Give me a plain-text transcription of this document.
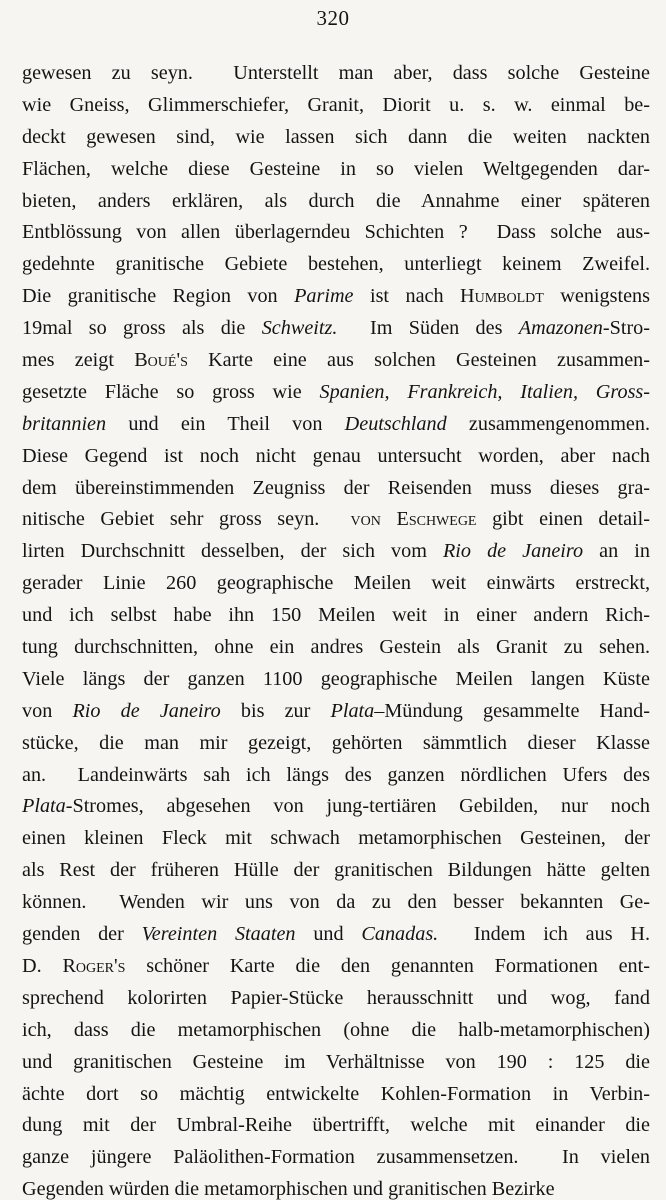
320
gewesen zu seyn.  Unterstellt man aber, dass solche Gesteine
wie Gneiss, Glimmerschiefer, Granit, Diorit u. s. w. einmal be-
deckt gewesen sind, wie lassen sich dann die weiten nackten
Flächen, welche diese Gesteine in so vielen Weltgegenden dar-
bieten, anders erklären, als durch die Annahme einer späteren
Entblössung von allen überlagerndeu Schichten ?  Dass solche aus-
gedehnte granitische Gebiete bestehen, unterliegt keinem Zweifel.
Die granitische Region von Parime ist nach Humboldt wenigstens
19mal so gross als die Schweitz.  Im Süden des Amazonen-Stro-
mes zeigt Boué's Karte eine aus solchen Gesteinen zusammen-
gesetzte Fläche so gross wie Spanien, Frankreich, Italien, Gross-
britannien und ein Theil von Deutschland zusammengenommen.
Diese Gegend ist noch nicht genau untersucht worden, aber nach
dem übereinstimmenden Zeugniss der Reisenden muss dieses gra-
nitische Gebiet sehr gross seyn.  von Eschwege gibt einen detail-
lirten Durchschnitt desselben, der sich vom Rio de Janeiro an in
gerader Linie 260 geographische Meilen weit einwärts erstreckt,
und ich selbst habe ihn 150 Meilen weit in einer andern Rich-
tung durchschnitten, ohne ein andres Gestein als Granit zu sehen.
Viele längs der ganzen 1100 geographische Meilen langen Küste
von Rio de Janeiro bis zur Plata–Mündung gesammelte Hand-
stücke, die man mir gezeigt, gehörten sämmtlich dieser Klasse
an.  Landeinwärts sah ich längs des ganzen nördlichen Ufers des
Plata-Stromes, abgesehen von jung-tertiären Gebilden, nur noch
einen kleinen Fleck mit schwach metamorphischen Gesteinen, der
als Rest der früheren Hülle der granitischen Bildungen hätte gelten
können.  Wenden wir uns von da zu den besser bekannten Ge-
genden der Vereinten Staaten und Canadas.  Indem ich aus H.
D. Roger's schöner Karte die den genannten Formationen ent-
sprechend kolorirten Papier-Stücke herausschnitt und wog, fand
ich, dass die metamorphischen (ohne die halb-metamorphischen)
und granitischen Gesteine im Verhältnisse von 190 : 125 die
ächte dort so mächtig entwickelte Kohlen-Formation in Verbin-
dung mit der Umbral-Reihe übertrifft, welche mit einander die
ganze jüngere Paläolithen-Formation zusammensetzen.  In vielen
Gegenden würden die metamorphischen und granitischen Bezirke
